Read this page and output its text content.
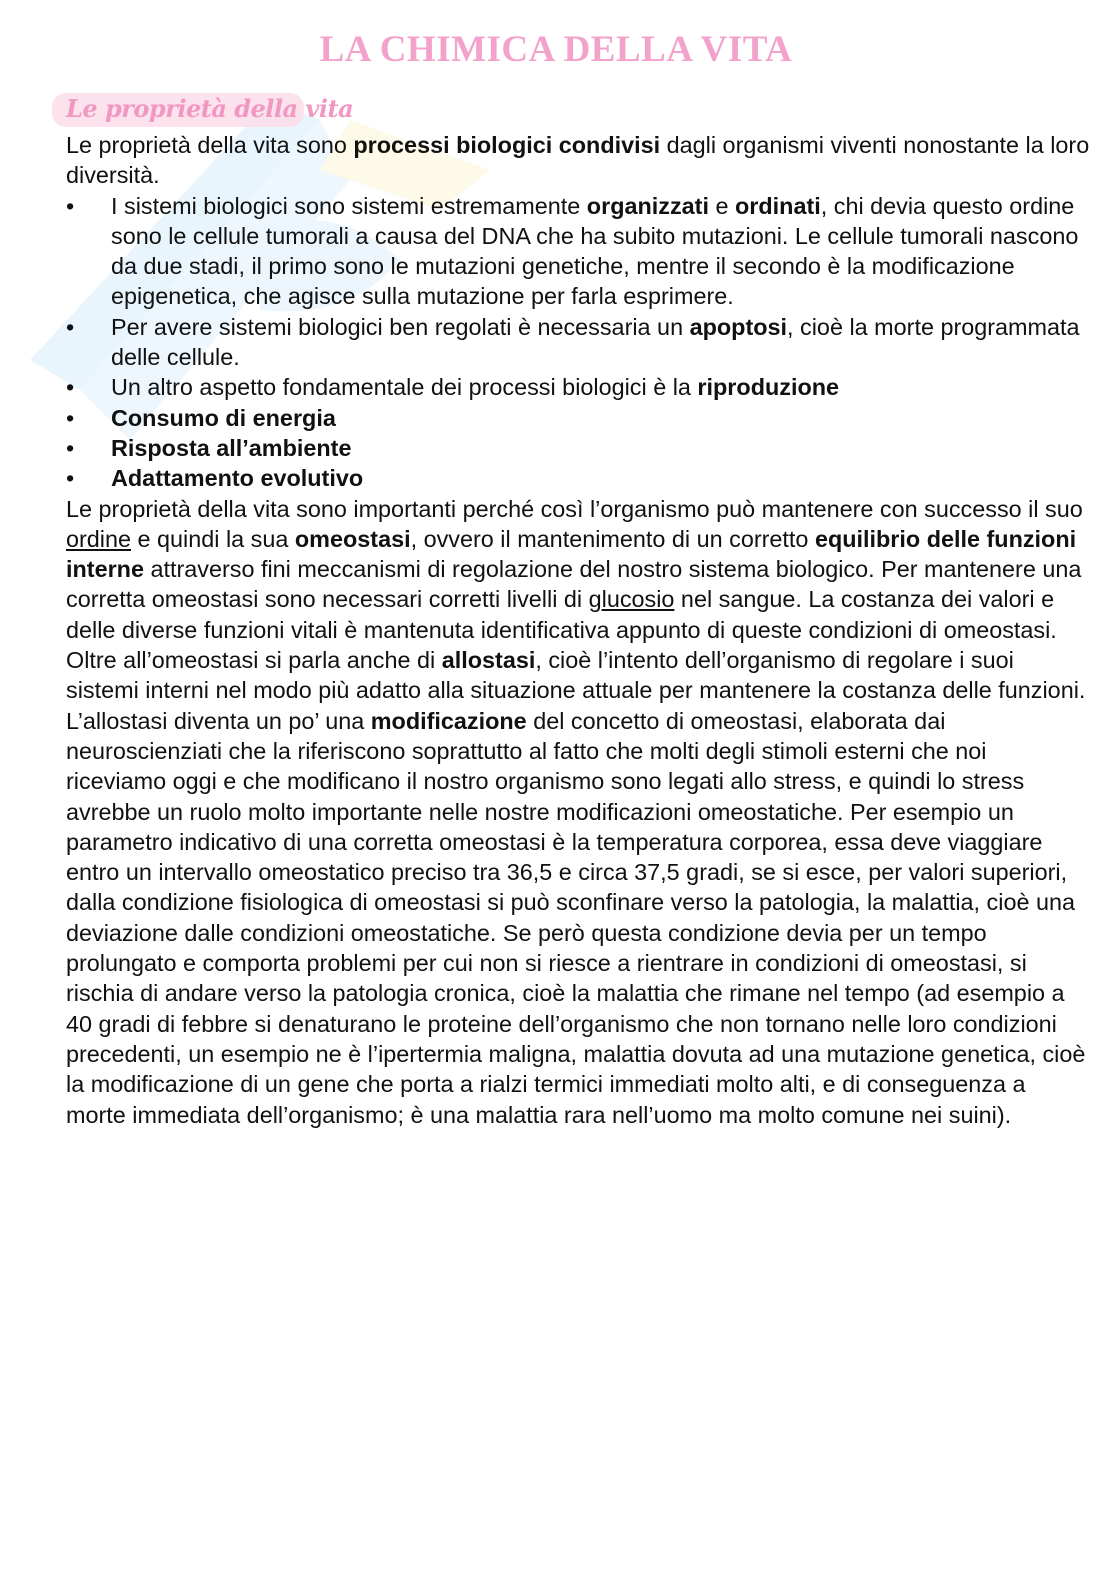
LA CHIMICA DELLA VITA
Le proprietà della vita

Le proprietà della vita sono processi biologici condivisi dagli organismi viventi nonostante la loro diversità.

• I sistemi biologici sono sistemi estremamente organizzati e ordinati, chi devia questo ordine sono le cellule tumorali a causa del DNA che ha subito mutazioni. Le cellule tumorali nascono da due stadi, il primo sono le mutazioni genetiche, mentre il secondo è la modificazione epigenetica, che agisce sulla mutazione per farla esprimere.
• Per avere sistemi biologici ben regolati è necessaria un apoptosi, cioè la morte programmata delle cellule.
• Un altro aspetto fondamentale dei processi biologici è la riproduzione
• Consumo di energia
• Risposta all’ambiente
• Adattamento evolutivo

Le proprietà della vita sono importanti perché così l’organismo può mantenere con successo il suo ordine e quindi la sua omeostasi, ovvero il mantenimento di un corretto equilibrio delle funzioni interne attraverso fini meccanismi di regolazione del nostro sistema biologico. Per mantenere una corretta omeostasi sono necessari corretti livelli di glucosio nel sangue. La costanza dei valori e delle diverse funzioni vitali è mantenuta identificativa appunto di queste condizioni di omeostasi.

Oltre all’omeostasi si parla anche di allostasi, cioè l’intento dell’organismo di regolare i suoi sistemi interni nel modo più adatto alla situazione attuale per mantenere la costanza delle funzioni. L’allostasi diventa un po’ una modificazione del concetto di omeostasi, elaborata dai neuroscienziati che la riferiscono soprattutto al fatto che molti degli stimoli esterni che noi riceviamo oggi e che modificano il nostro organismo sono legati allo stress, e quindi lo stress avrebbe un ruolo molto importante nelle nostre modificazioni omeostatiche. Per esempio un parametro indicativo di una corretta omeostasi è la temperatura corporea, essa deve viaggiare entro un intervallo omeostatico preciso tra 36,5 e circa 37,5 gradi, se si esce, per valori superiori, dalla condizione fisiologica di omeostasi si può sconfinare verso la patologia, la malattia, cioè una deviazione dalle condizioni omeostatiche. Se però questa condizione devia per un tempo prolungato e comporta problemi per cui non si riesce a rientrare in condizioni di omeostasi, si rischia di andare verso la patologia cronica, cioè la malattia che rimane nel tempo (ad esempio a 40 gradi di febbre si denaturano le proteine dell’organismo che non tornano nelle loro condizioni precedenti, un esempio ne è l’ipertermia maligna, malattia dovuta ad una mutazione genetica, cioè la modificazione di un gene che porta a rialzi termici immediati molto alti, e di conseguenza a morte immediata dell’organismo; è una malattia rara nell’uomo ma molto comune nei suini).
